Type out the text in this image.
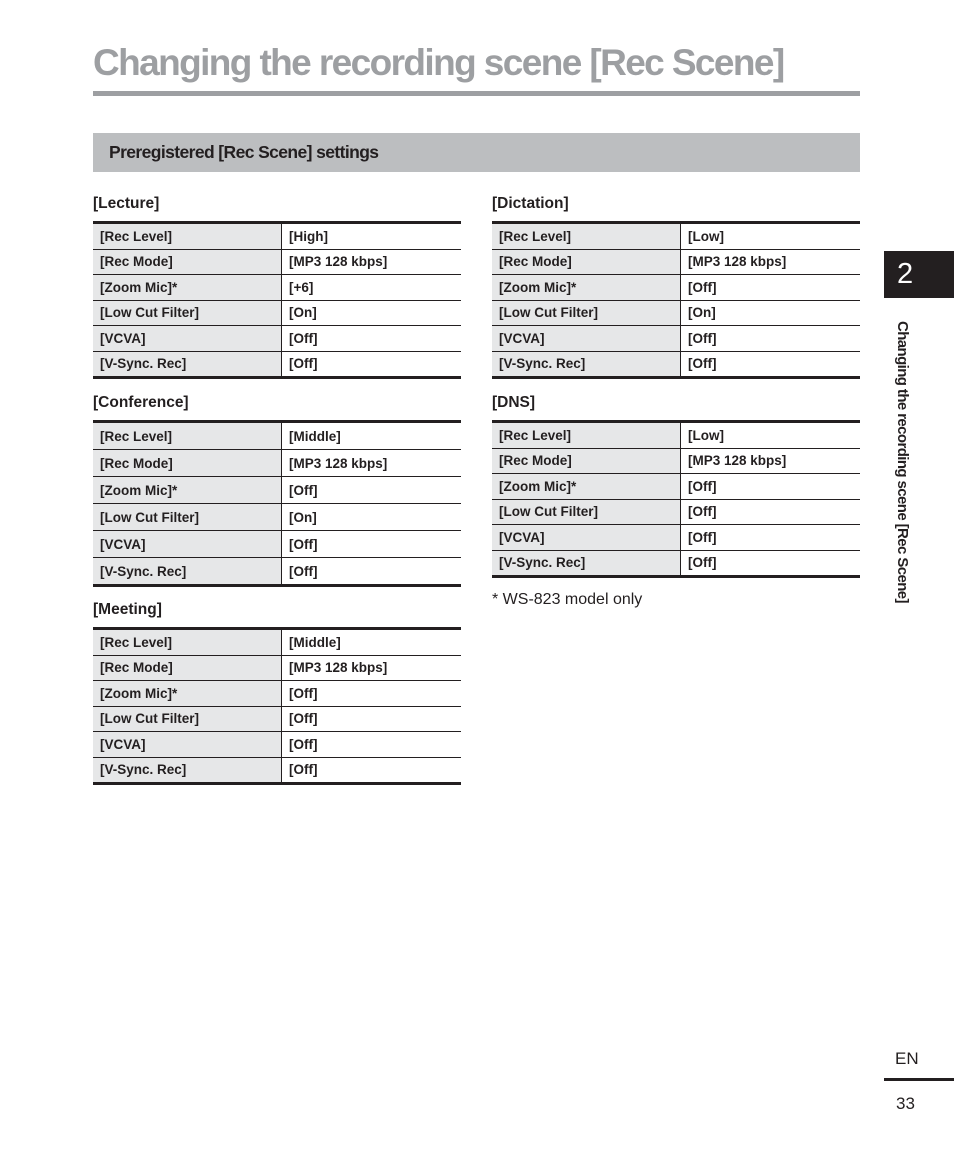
Changing the recording scene [Rec Scene]
Preregistered [Rec Scene] settings
[Lecture]
[Rec Level]	[High]
[Rec Mode]	[MP3 128 kbps]
[Zoom Mic]*	[+6]
[Low Cut Filter]	[On]
[VCVA]	[Off]
[V-Sync. Rec]	[Off]
[Conference]
[Rec Level]	[Middle]
[Rec Mode]	[MP3 128 kbps]
[Zoom Mic]*	[Off]
[Low Cut Filter]	[On]
[VCVA]	[Off]
[V-Sync. Rec]	[Off]
[Meeting]
[Rec Level]	[Middle]
[Rec Mode]	[MP3 128 kbps]
[Zoom Mic]*	[Off]
[Low Cut Filter]	[Off]
[VCVA]	[Off]
[V-Sync. Rec]	[Off]
[Dictation]
[Rec Level]	[Low]
[Rec Mode]	[MP3 128 kbps]
[Zoom Mic]*	[Off]
[Low Cut Filter]	[On]
[VCVA]	[Off]
[V-Sync. Rec]	[Off]
[DNS]
[Rec Level]	[Low]
[Rec Mode]	[MP3 128 kbps]
[Zoom Mic]*	[Off]
[Low Cut Filter]	[Off]
[VCVA]	[Off]
[V-Sync. Rec]	[Off]
* WS-823 model only
2
Changing the recording scene [Rec Scene]
EN
33
